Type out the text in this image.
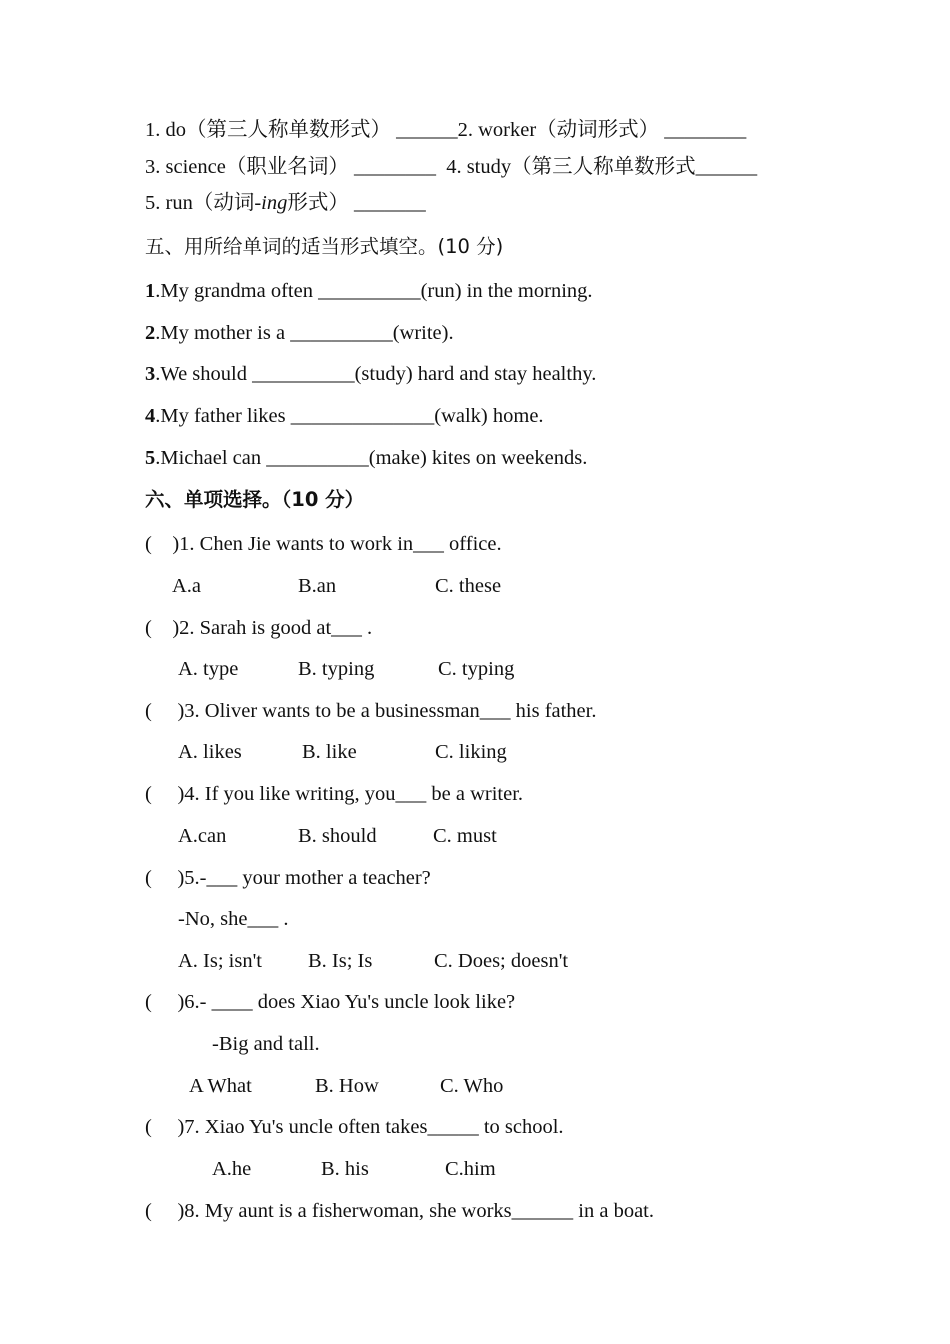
1. do（第三人称单数形式） ______2. worker（动词形式） ________
3. science（职业名词） ________  4. study（第三人称单数形式______
5. run（动词-ing形式） _______
五、用所给单词的适当形式填空。(10 分)
1.My grandma often __________(run) in the morning.
2.My mother is a __________(write).
3.We should __________(study) hard and stay healthy.
4.My father likes ______________(walk) home.
5.Michael can __________(make) kites on weekends.
六、单项选择。（10 分）
(    )1. Chen Jie wants to work in___ office.
A.a	B.an	C. these
(    )2. Sarah is good at___ .
A. type	B. typing	C. typing
(     )3. Oliver wants to be a businessman___ his father.
A. likes	B. like	C. liking
(     )4. If you like writing, you___ be a writer.
A.can	B. should	C. must
(     )5.-___ your mother a teacher?
-No, she___ .
A. Is; isn't B. Is; Is	C. Does; doesn't
(     )6.- ____ does Xiao Yu's uncle look like?
-Big and tall.
A What	B. How	C. Who
(     )7. Xiao Yu's uncle often takes_____ to school.
A.he	B. his	C.him
(     )8. My aunt is a fisherwoman, she works______ in a boat.
